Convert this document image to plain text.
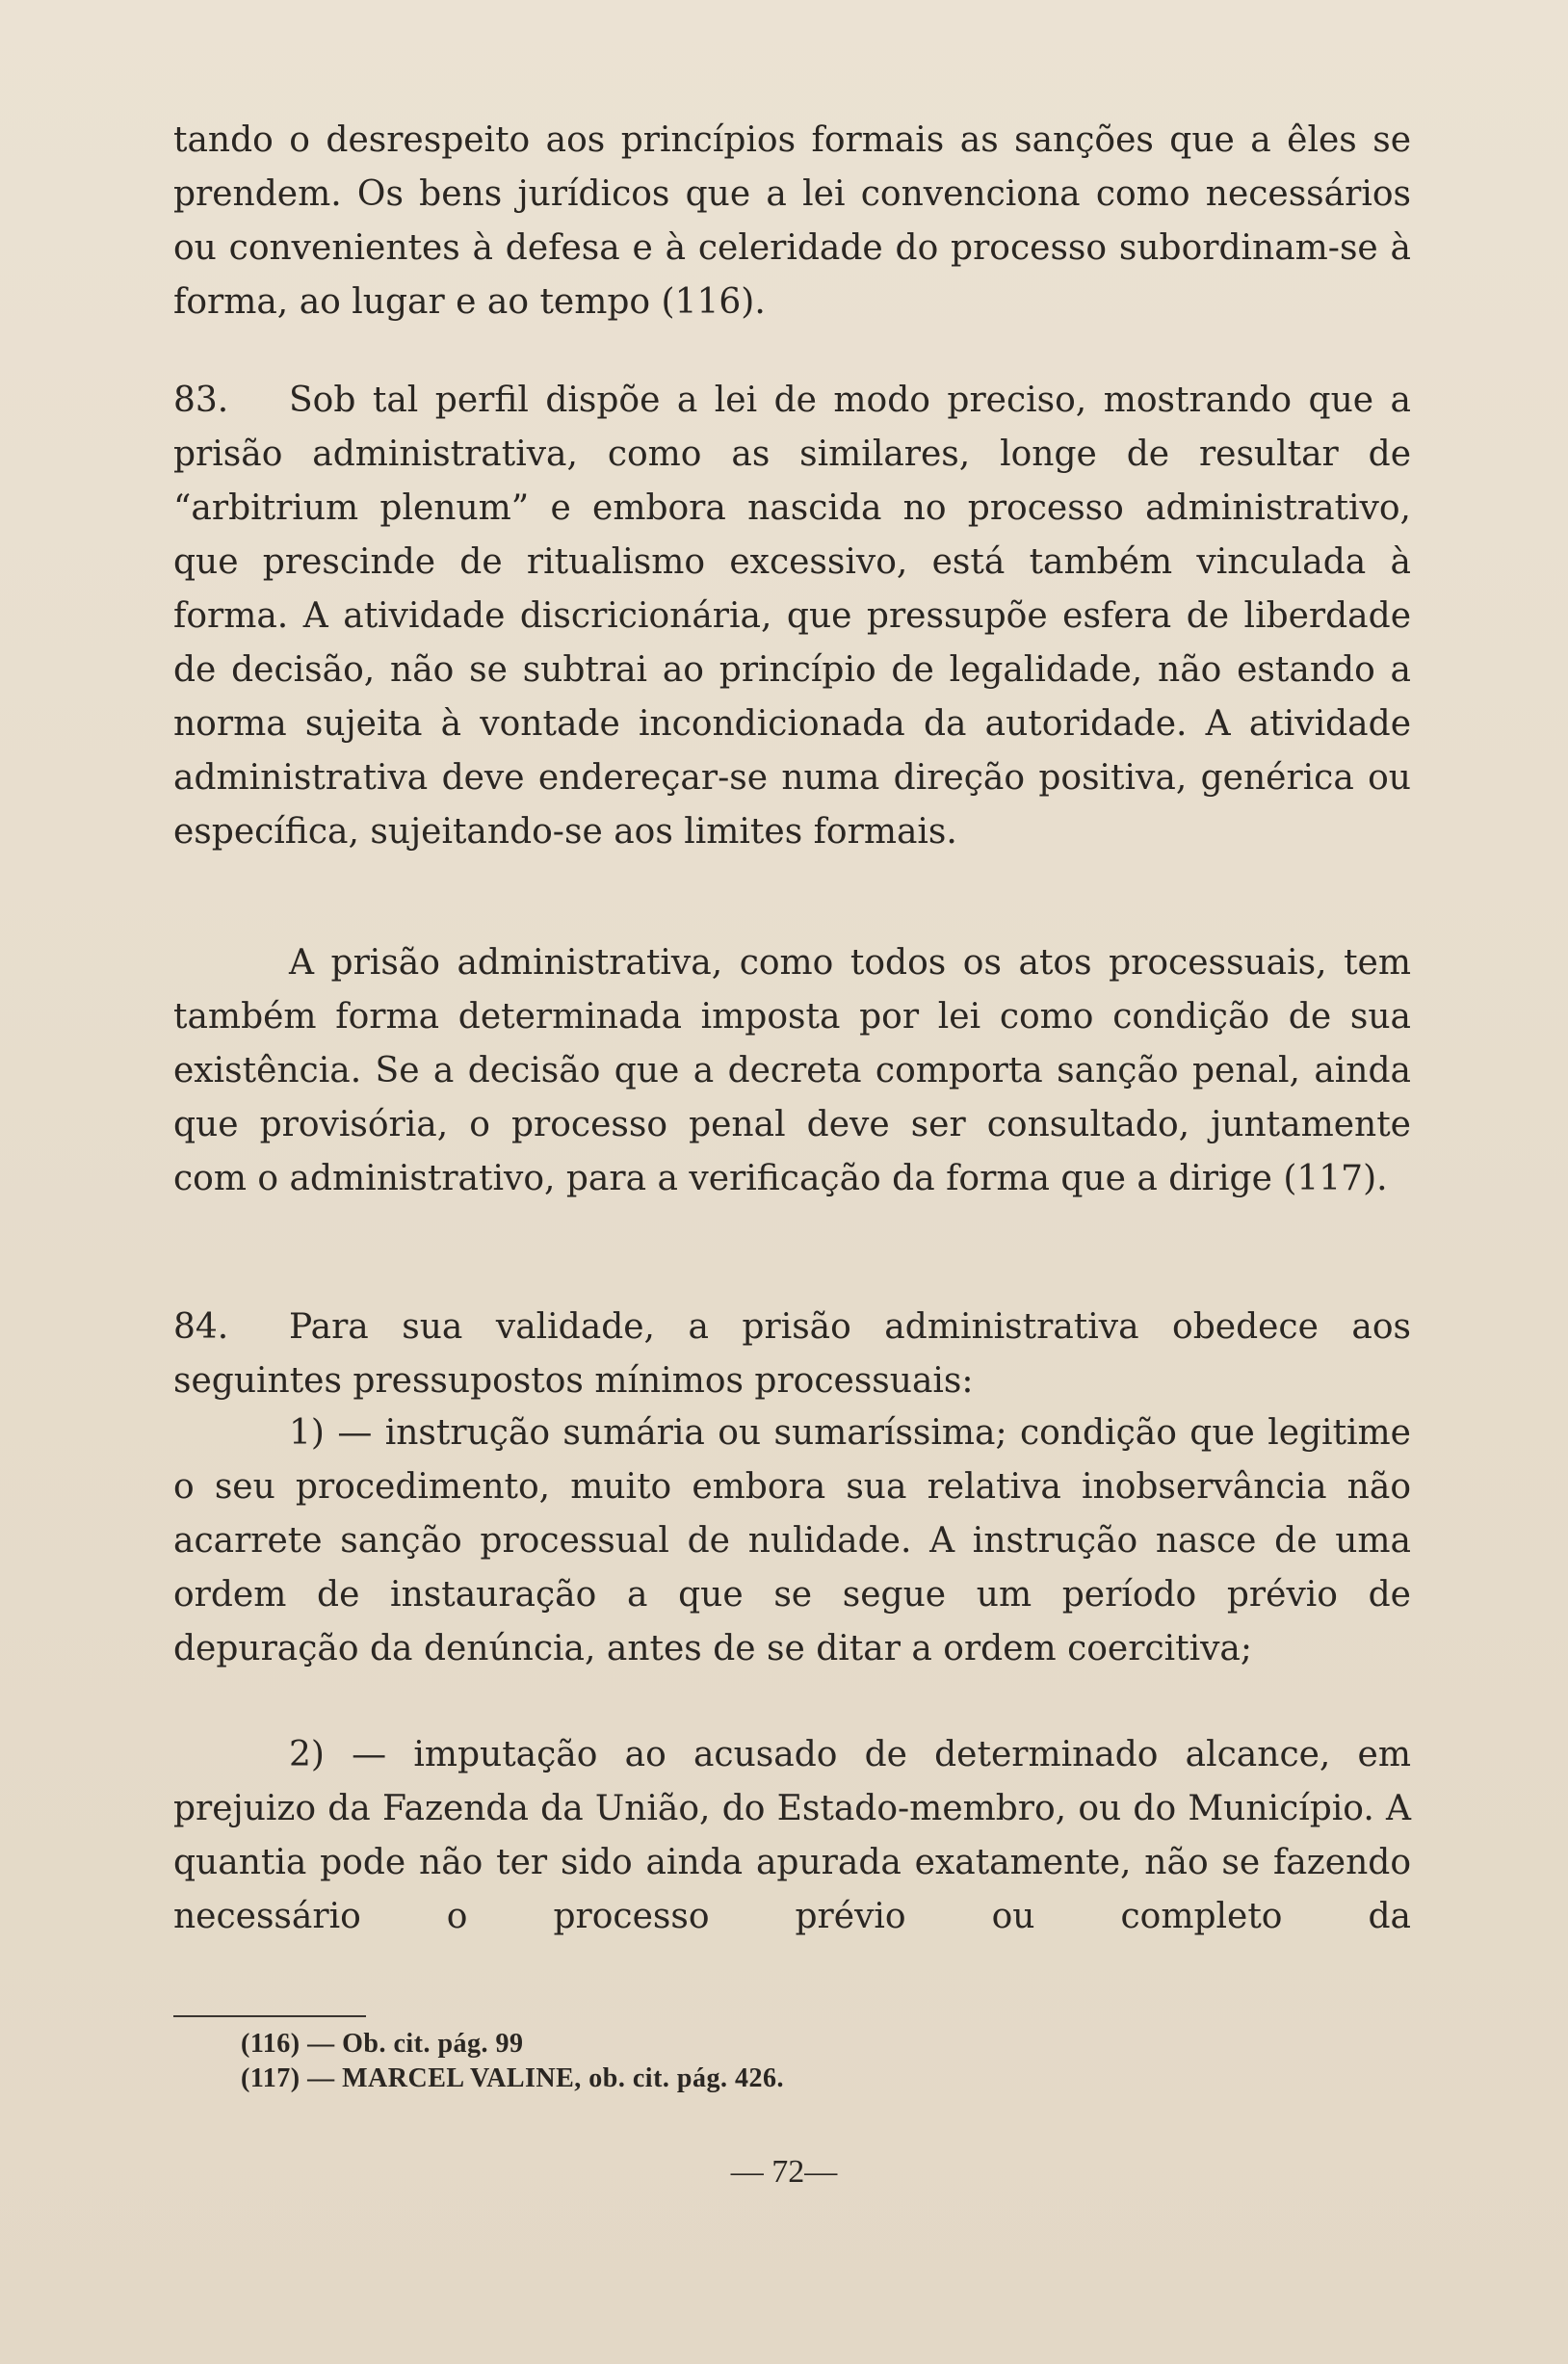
tando o desrespeito aos princípios formais as sanções que a êles se prendem. Os bens jurídicos que a lei convenciona como necessários ou convenientes à defesa e à celeridade do processo subordinam-se à forma, ao lugar e ao tempo (116).

83. Sob tal perfil dispõe a lei de modo preciso, mostrando que a prisão administrativa, como as similares, longe de resultar de “arbitrium plenum” e embora nascida no processo administrativo, que prescinde de ritualismo excessivo, está também vinculada à forma. A atividade discricionária, que pressupõe esfera de liberdade de decisão, não se subtrai ao princípio de legalidade, não estando a norma sujeita à vontade incondicionada da autoridade. A atividade administrativa deve endereçar-se numa direção positiva, genérica ou específica, sujeitando-se aos limites formais.

A prisão administrativa, como todos os atos processuais, tem também forma determinada imposta por lei como condição de sua existência. Se a decisão que a decreta comporta sanção penal, ainda que provisória, o processo penal deve ser consultado, juntamente com o administrativo, para a verificação da forma que a dirige (117).

84. Para sua validade, a prisão administrativa obedece aos seguintes pressupostos mínimos processuais:

1) — instrução sumária ou sumaríssima; condição que legitime o seu procedimento, muito embora sua relativa inobservância não acarrete sanção processual de nulidade. A instrução nasce de uma ordem de instauração a que se segue um período prévio de depuração da denúncia, antes de se ditar a ordem coercitiva;

2) — imputação ao acusado de determinado alcance, em prejuizo da Fazenda da União, do Estado-membro, ou do Município. A quantia pode não ter sido ainda apurada exatamente, não se fazendo necessário o processo prévio ou completo da

(116) — Ob. cit. pág. 99
(117) — MARCEL VALINE, ob. cit. pág. 426.
— 72—
